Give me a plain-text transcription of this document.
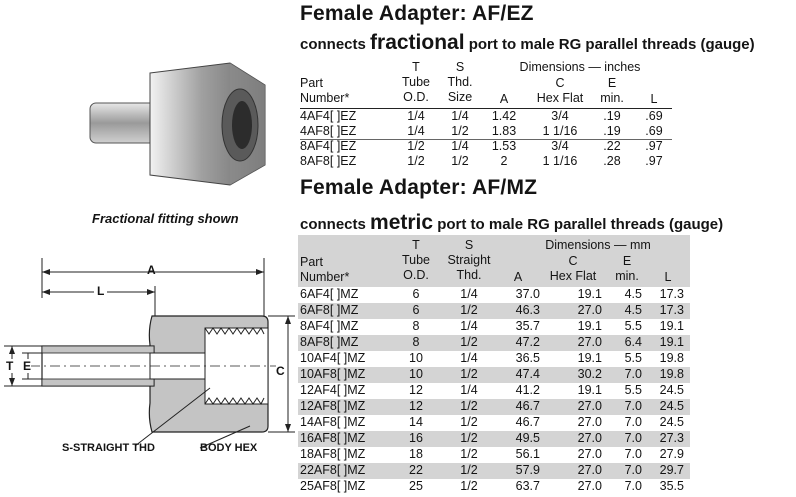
Fractional fitting shown
A
L
C
T E
S-STRAIGHT THD	BODY HEX
Female Adapter: AF/EZ
connects fractional port to male RG parallel threads (gauge)
Part
Number*
T
Tube
O.D.
S
Thd.
Size
Dimensions — inches
A
C
Hex Flat
E
min.	L
4AF4[ ]EZ	1/4	1/4	1.42	3/4	.19	.69
4AF8[ ]EZ	1/4	1/2	1.83	1 1/16	.19	.69
8AF4[ ]EZ	1/2	1/4	1.53	3/4	.22	.97
8AF8[ ]EZ	1/2	1/2	2	1 1/16	.28	.97
Female Adapter: AF/MZ
connects metric port to male RG parallel threads (gauge)
Part
Number*
T
Tube
O.D.
S
Straight
Thd.
Dimensions — mm
A
C
Hex Flat
E
min.	L
6AF4[ ]MZ	6	1/4	37.0	19.1	4.5	17.3
6AF8[ ]MZ	6	1/2	46.3	27.0	4.5	17.3
8AF4[ ]MZ	8	1/4	35.7	19.1	5.5	19.1
8AF8[ ]MZ	8	1/2	47.2	27.0	6.4	19.1
10AF4[ ]MZ	10	1/4	36.5	19.1	5.5	19.8
10AF8[ ]MZ	10	1/2	47.4	30.2	7.0	19.8
12AF4[ ]MZ	12	1/4	41.2	19.1	5.5	24.5
12AF8[ ]MZ	12	1/2	46.7	27.0	7.0	24.5
14AF8[ ]MZ	14	1/2	46.7	27.0	7.0	24.5
16AF8[ ]MZ	16	1/2	49.5	27.0	7.0	27.3
18AF8[ ]MZ	18	1/2	56.1	27.0	7.0	27.9
22AF8[ ]MZ	22	1/2	57.9	27.0	7.0	29.7
25AF8[ ]MZ	25	1/2	63.7	27.0	7.0	35.5
